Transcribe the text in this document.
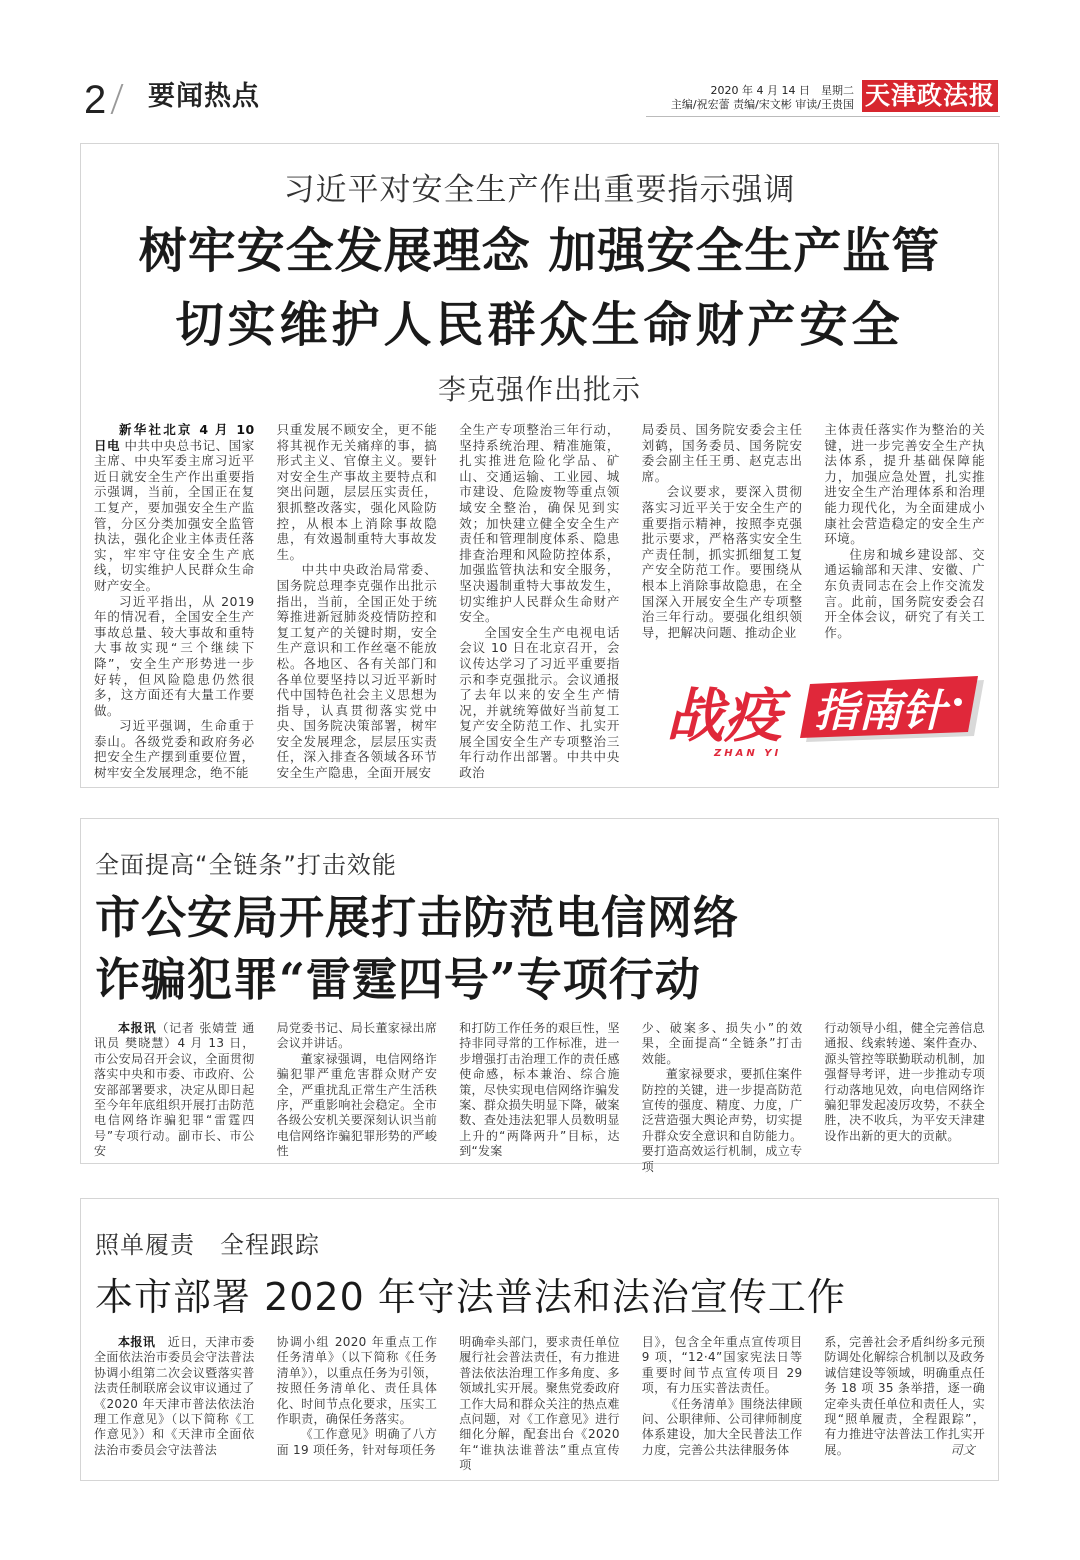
2 要闻热点	2020 年 4 月 14 日　星期二
主编/祝宏蕾 责编/宋文彬 审读/王贵国 天津政法报
习近平对安全生产作出重要指示强调
树牢安全发展理念 加强安全生产监管
切实维护人民群众生命财产安全
李克强作出批示

新华社北京 4 月 10 日电 中共中央总书记、国家主席、中央军委主席习近平近日就安全生产作出重要指示强调，当前，全国正在复工复产，要加强安全生产监管，分区分类加强安全监管执法，强化企业主体责任落实，牢牢守住安全生产底线，切实维护人民群众生命财产安全。

习近平指出，从 2019 年的情况看，全国安全生产事故总量、较大事故和重特大事故实现“三个继续下降”，安全生产形势进一步好转，但风险隐患仍然很多，这方面还有大量工作要做。

习近平强调，生命重于泰山。各级党委和政府务必把安全生产摆到重要位置，树牢安全发展理念，绝不能

只重发展不顾安全，更不能将其视作无关痛痒的事，搞形式主义、官僚主义。要针对安全生产事故主要特点和突出问题，层层压实责任，狠抓整改落实，强化风险防控，从根本上消除事故隐患，有效遏制重特大事故发生。

中共中央政治局常委、国务院总理李克强作出批示指出，当前，全国正处于统筹推进新冠肺炎疫情防控和复工复产的关键时期，安全生产意识和工作丝毫不能放松。各地区、各有关部门和各单位要坚持以习近平新时代中国特色社会主义思想为指导，认真贯彻落实党中央、国务院决策部署，树牢安全发展理念，层层压实责任，深入排查各领域各环节安全生产隐患，全面开展安

全生产专项整治三年行动，坚持系统治理、精准施策，扎实推进危险化学品、矿山、交通运输、工业园、城市建设、危险废物等重点领域安全整治，确保见到实效；加快建立健全安全生产责任和管理制度体系、隐患排查治理和风险防控体系，加强监管执法和安全服务，坚决遏制重特大事故发生，切实维护人民群众生命财产安全。

全国安全生产电视电话会议 10 日在北京召开，会议传达学习了习近平重要指示和李克强批示。会议通报了去年以来的安全生产情况，并就统筹做好当前复工复产安全防范工作、扎实开展全国安全生产专项整治三年行动作出部署。中共中央政治

局委员、国务院安委会主任刘鹤，国务委员、国务院安委会副主任王勇、赵克志出席。

会议要求，要深入贯彻落实习近平关于安全生产的重要指示精神，按照李克强批示要求，严格落实安全生产责任制，抓实抓细复工复产安全防范工作。要围绕从根本上消除事故隐患，在全国深入开展安全生产专项整治三年行动。要强化组织领导，把解决问题、推动企业

主体责任落实作为整治的关键，进一步完善安全生产执法体系，提升基础保障能力，加强应急处置，扎实推进安全生产治理体系和治理能力现代化，为全面建成小康社会营造稳定的安全生产环境。

住房和城乡建设部、交通运输部和天津、安徽、广东负责同志在会上作交流发言。此前，国务院安委会召开全体会议，研究了有关工作。

战疫 指南针
ZHAN YI
全面提高“全链条”打击效能
市公安局开展打击防范电信网络
诈骗犯罪“雷霆四号”专项行动

本报讯（记者 张婧萱 通讯员 樊晓慧）4 月 13 日，市公安局召开会议，全面贯彻落实中央和市委、市政府、公安部部署要求，决定从即日起至今年年底组织开展打击防范电信网络诈骗犯罪“雷霆四号”专项行动。副市长、市公安

局党委书记、局长董家禄出席会议并讲话。

董家禄强调，电信网络诈骗犯罪严重危害群众财产安全，严重扰乱正常生产生活秩序，严重影响社会稳定。全市各级公安机关要深刻认识当前电信网络诈骗犯罪形势的严峻性

和打防工作任务的艰巨性，坚持非同寻常的工作标准，进一步增强打击治理工作的责任感使命感，标本兼治、综合施策，尽快实现电信网络诈骗发案、群众损失明显下降，破案数、查处违法犯罪人员数明显上升的“两降两升”目标，达到“发案

少、破案多、损失小”的效果，全面提高“全链条”打击效能。

董家禄要求，要抓住案件防控的关键，进一步提高防范宣传的强度、精度、力度，广泛营造强大舆论声势，切实提升群众安全意识和自防能力。要打造高效运行机制，成立专项

行动领导小组，健全完善信息通报、线索转递、案件查办、源头管控等联勤联动机制，加强督导考评，进一步推动专项行动落地见效，向电信网络诈骗犯罪发起凌厉攻势，不获全胜，决不收兵，为平安天津建设作出新的更大的贡献。

照单履责　全程跟踪
本市部署 2020 年守法普法和法治宣传工作

本报讯　近日，天津市委全面依法治市委员会守法普法协调小组第二次会议暨落实普法责任制联席会议审议通过了《2020 年天津市普法依法治理工作意见》（以下简称《工作意见》）和《天津市全面依法治市委员会守法普法

协调小组 2020 年重点工作任务清单》（以下简称《任务清单》），以重点任务为引领，按照任务清单化、责任具体化、时间节点化要求，压实工作职责，确保任务落实。

《工作意见》明确了八方面 19 项任务，针对每项任务

明确牵头部门，要求责任单位履行社会普法责任，有力推进普法依法治理工作多角度、多领域扎实开展。聚焦党委政府工作大局和群众关注的热点难点问题，对《工作意见》进行细化分解，配套出台《2020 年“谁执法谁普法”重点宣传项

目》，包含全年重点宣传项目 9 项，“12·4”国家宪法日等重要时间节点宣传项目 29 项，有力压实普法责任。

《任务清单》围绕法律顾问、公职律师、公司律师制度体系建设，加大全民普法工作力度，完善公共法律服务体

系，完善社会矛盾纠纷多元预防调处化解综合机制以及政务诚信建设等领域，明确重点任务 18 项 35 条举措，逐一确定牵头责任单位和责任人，实现“照单履责，全程跟踪”，有力推进守法普法工作扎实开展。	司文
